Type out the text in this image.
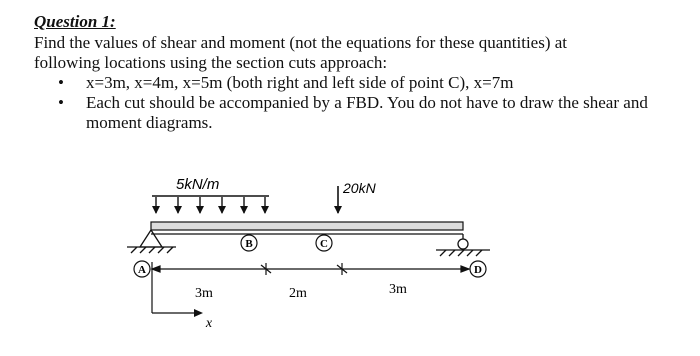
Question 1:

Find the values of shear and moment (not the equations for these quantities) at

following locations using the section cuts approach:

• x=3m, x=4m, x=5m (both right and left side of point C), x=7m
• Each cut should be accompanied by a FBD. You do not have to draw the shear and moment diagrams.
5kN/m	20kN
A
B	C
D
3m	2m	3m
x
